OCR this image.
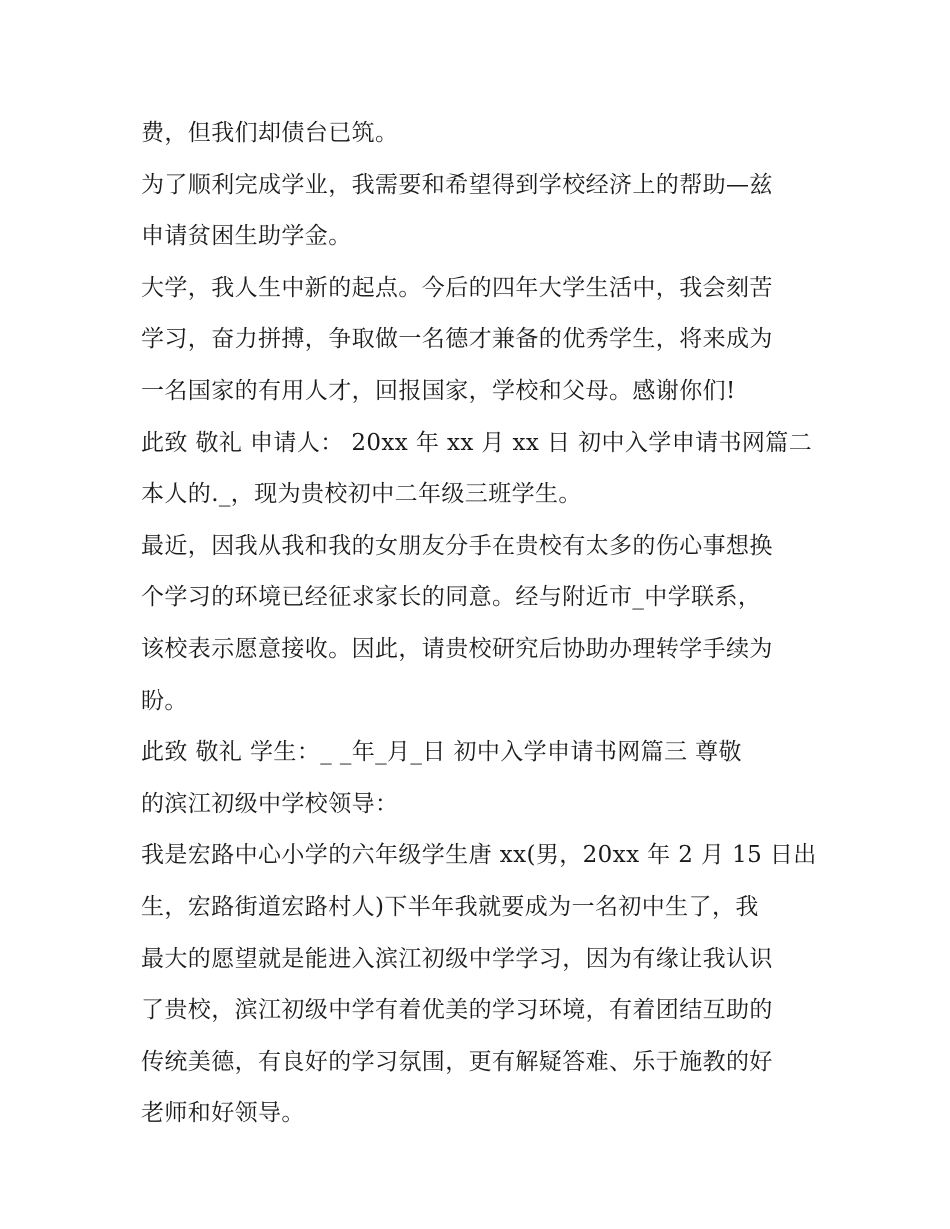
费，但我们却债台已筑。

为了顺利完成学业，我需要和希望得到学校经济上的帮助—兹

申请贫困生助学金。

大学，我人生中新的起点。今后的四年大学生活中，我会刻苦

学习，奋力拼搏，争取做一名德才兼备的优秀学生，将来成为

一名国家的有用人才，回报国家，学校和父母。感谢你们!

此致 敬礼 申请人： 20xx 年 xx 月 xx 日 初中入学申请书网篇二

本人的._，现为贵校初中二年级三班学生。

最近，因我从我和我的女朋友分手在贵校有太多的伤心事想换

个学习的环境已经征求家长的同意。经与附近市_中学联系，

该校表示愿意接收。因此，请贵校研究后协助办理转学手续为

盼。

此致 敬礼 学生：_ _年_月_日 初中入学申请书网篇三 尊敬

的滨江初级中学校领导：

我是宏路中心小学的六年级学生唐 xx(男，20xx 年 2 月 15 日出

生，宏路街道宏路村人)下半年我就要成为一名初中生了，我

最大的愿望就是能进入滨江初级中学学习，因为有缘让我认识

了贵校，滨江初级中学有着优美的学习环境，有着团结互助的

传统美德，有良好的学习氛围，更有解疑答难、乐于施教的好

老师和好领导。
